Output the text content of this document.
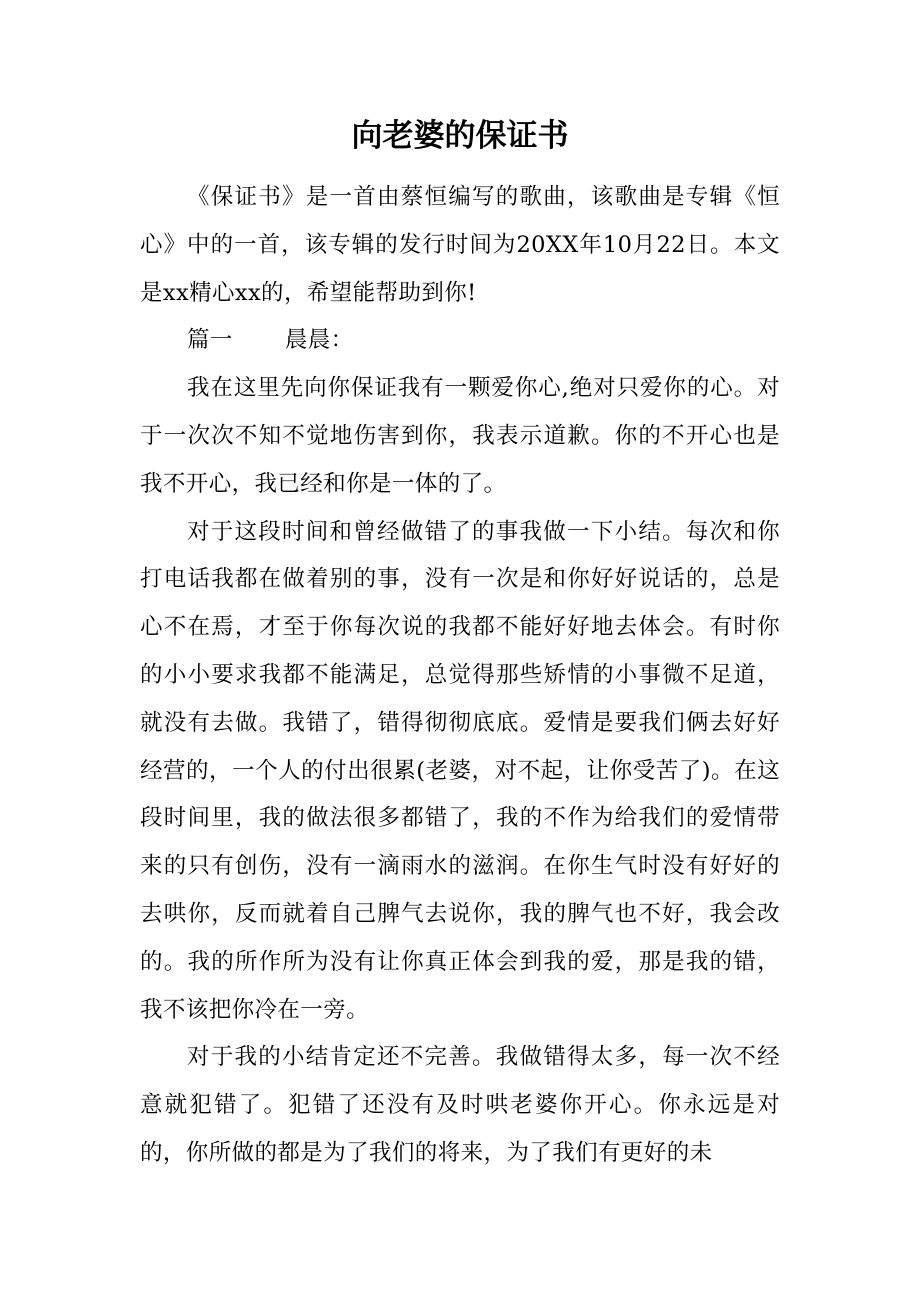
向老婆的保证书

《保证书》是一首由蔡恒编写的歌曲，该歌曲是专辑《恒心》中的一首，该专辑的发行时间为20XX年10月22日。本文是xx精心xx的，希望能帮助到你!

篇一 晨晨：

我在这里先向你保证我有一颗爱你心,绝对只爱你的心。对于一次次不知不觉地伤害到你，我表示道歉。你的不开心也是我不开心，我已经和你是一体的了。

对于这段时间和曾经做错了的事我做一下小结。每次和你打电话我都在做着别的事，没有一次是和你好好说话的，总是心不在焉，才至于你每次说的我都不能好好地去体会。有时你的小小要求我都不能满足，总觉得那些矫情的小事微不足道，就没有去做。我错了，错得彻彻底底。爱情是要我们俩去好好经营的，一个人的付出很累(老婆，对不起，让你受苦了)。在这段时间里，我的做法很多都错了，我的不作为给我们的爱情带来的只有创伤，没有一滴雨水的滋润。在你生气时没有好好的去哄你，反而就着自己脾气去说你，我的脾气也不好，我会改的。我的所作所为没有让你真正体会到我的爱，那是我的错，我不该把你冷在一旁。

对于我的小结肯定还不完善。我做错得太多，每一次不经意就犯错了。犯错了还没有及时哄老婆你开心。你永远是对的，你所做的都是为了我们的将来，为了我们有更好的未
